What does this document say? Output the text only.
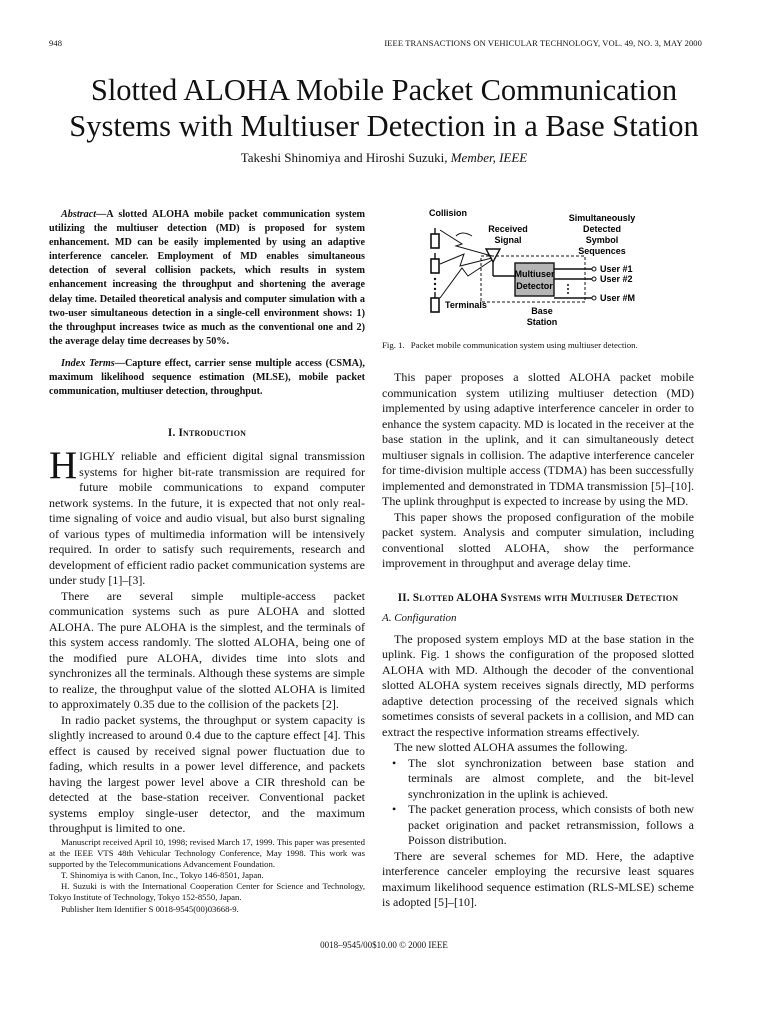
948	IEEE TRANSACTIONS ON VEHICULAR TECHNOLOGY, VOL. 49, NO. 3, MAY 2000
Slotted ALOHA Mobile Packet Communication
Systems with Multiuser Detection in a Base Station
Takeshi Shinomiya and Hiroshi Suzuki, Member, IEEE

Abstract—A slotted ALOHA mobile packet communication system utilizing the multiuser detection (MD) is proposed for system enhancement. MD can be easily implemented by using an adaptive interference canceler. Employment of MD enables simultaneous detection of several collision packets, which results in system enhancement increasing the throughput and shortening the average delay time. Detailed theoretical analysis and computer simulation with a two-user simultaneous detection in a single-cell environment shows: 1) the throughput increases twice as much as the conventional one and 2) the average delay time decreases by 50%.

Index Terms—Capture effect, carrier sense multiple access (CSMA), maximum likelihood sequence estimation (MLSE), mobile packet communication, multiuser detection, throughput.

I. Introduction

HIGHLY reliable and efficient digital signal transmission systems for higher bit-rate transmission are required for future mobile communications to expand computer network systems. In the future, it is expected that not only real-time signaling of voice and audio visual, but also burst signaling of various types of multimedia information will be intensively required. In order to satisfy such requirements, research and development of efficient radio packet communication systems are under study [1]–[3].

There are several simple multiple-access packet communication systems such as pure ALOHA and slotted ALOHA. The pure ALOHA is the simplest, and the terminals of this system access randomly. The slotted ALOHA, being one of the modified pure ALOHA, divides time into slots and synchronizes all the terminals. Although these systems are simple to realize, the throughput value of the slotted ALOHA is limited to approximately 0.35 due to the collision of the packets [2].

In radio packet systems, the throughput or system capacity is slightly increased to around 0.4 due to the capture effect [4]. This effect is caused by received signal power fluctuation due to fading, which results in a power level difference, and packets having the largest power level above a CIR threshold can be detected at the base-station receiver. Conventional packet systems employ single-user detector, and the maximum throughput is limited to one.

Manuscript received April 10, 1998; revised March 17, 1999. This paper was presented at the IEEE VTS 48th Vehicular Technology Conference, May 1998. This work was supported by the Telecommunications Advancement Foundation.

T. Shinomiya is with Canon, Inc., Tokyo 146-8501, Japan.

H. Suzuki is with the International Cooperation Center for Science and Technology, Tokyo Institute of Technology, Tokyo 152-8550, Japan.

Publisher Item Identifier S 0018-9545(00)03668-9.

Multiuser
Detector
Collision
Received
Signal
Simultaneously
Detected
Symbol
Sequences
User #1
User #2
User #M
Terminals
Base
Station
Fig. 1. Packet mobile communication system using multiuser detection.

This paper proposes a slotted ALOHA packet mobile communication system utilizing multiuser detection (MD) implemented by using adaptive interference canceler in order to enhance the system capacity. MD is located in the receiver at the base station in the uplink, and it can simultaneously detect multiuser signals in collision. The adaptive interference canceler for time-division multiple access (TDMA) has been successfully implemented and demonstrated in TDMA transmission [5]–[10]. The uplink throughput is expected to increase by using the MD.

This paper shows the proposed configuration of the mobile packet system. Analysis and computer simulation, including conventional slotted ALOHA, show the performance improvement in throughput and average delay time.

II. Slotted ALOHA Systems with Multiuser Detection

A. Configuration

The proposed system employs MD at the base station in the uplink. Fig. 1 shows the configuration of the proposed slotted ALOHA with MD. Although the decoder of the conventional slotted ALOHA system receives signals directly, MD performs adaptive detection processing of the received signals which sometimes consists of several packets in a collision, and MD can extract the respective information streams effectively.

The new slotted ALOHA assumes the following.

• The slot synchronization between base station and terminals are almost complete, and the bit-level synchronization in the uplink is achieved.
• The packet generation process, which consists of both new packet origination and packet retransmission, follows a Poisson distribution.

There are several schemes for MD. Here, the adaptive interference canceler employing the recursive least squares maximum likelihood sequence estimation (RLS-MLSE) scheme is adopted [5]–[10].

0018–9545/00$10.00 © 2000 IEEE
